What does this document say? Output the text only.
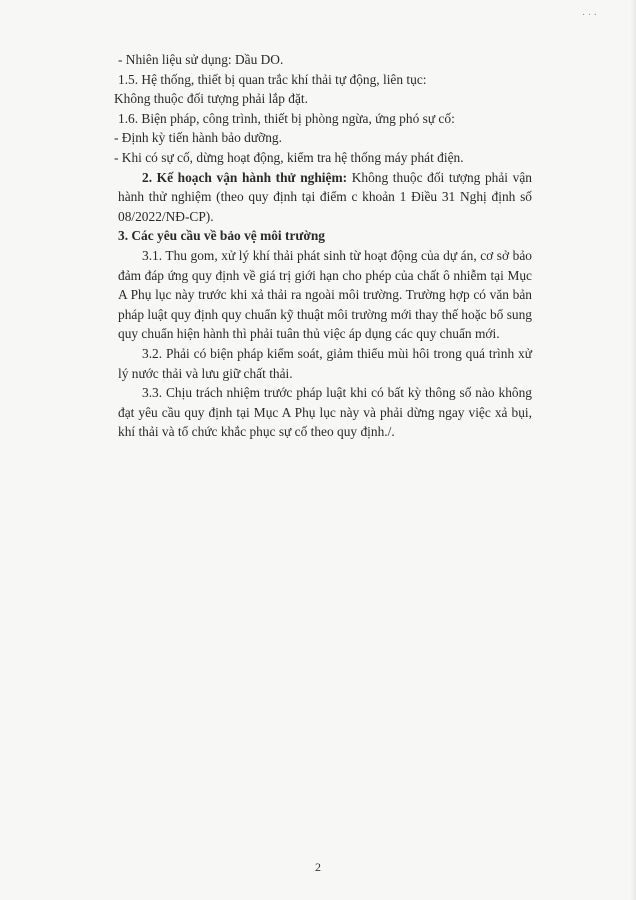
· · ·

- Nhiên liệu sử dụng: Dầu DO.

1.5. Hệ thống, thiết bị quan trắc khí thải tự động, liên tục:

Không thuộc đối tượng phải lắp đặt.

1.6. Biện pháp, công trình, thiết bị phòng ngừa, ứng phó sự cố:

- Định kỳ tiến hành bảo dưỡng.

- Khi có sự cố, dừng hoạt động, kiểm tra hệ thống máy phát điện.

2. Kế hoạch vận hành thử nghiệm: Không thuộc đối tượng phải vận hành thử nghiệm (theo quy định tại điểm c khoản 1 Điều 31 Nghị định số 08/2022/NĐ-CP).

3. Các yêu cầu về bảo vệ môi trường

3.1. Thu gom, xử lý khí thải phát sinh từ hoạt động của dự án, cơ sở bảo đảm đáp ứng quy định về giá trị giới hạn cho phép của chất ô nhiễm tại Mục A Phụ lục này trước khi xả thải ra ngoài môi trường. Trường hợp có văn bản pháp luật quy định quy chuẩn kỹ thuật môi trường mới thay thế hoặc bổ sung quy chuẩn hiện hành thì phải tuân thủ việc áp dụng các quy chuẩn mới.

3.2. Phải có biện pháp kiểm soát, giảm thiểu mùi hôi trong quá trình xử lý nước thải và lưu giữ chất thải.

3.3. Chịu trách nhiệm trước pháp luật khi có bất kỳ thông số nào không đạt yêu cầu quy định tại Mục A Phụ lục này và phải dừng ngay việc xả bụi, khí thải và tổ chức khắc phục sự cố theo quy định./.

2
